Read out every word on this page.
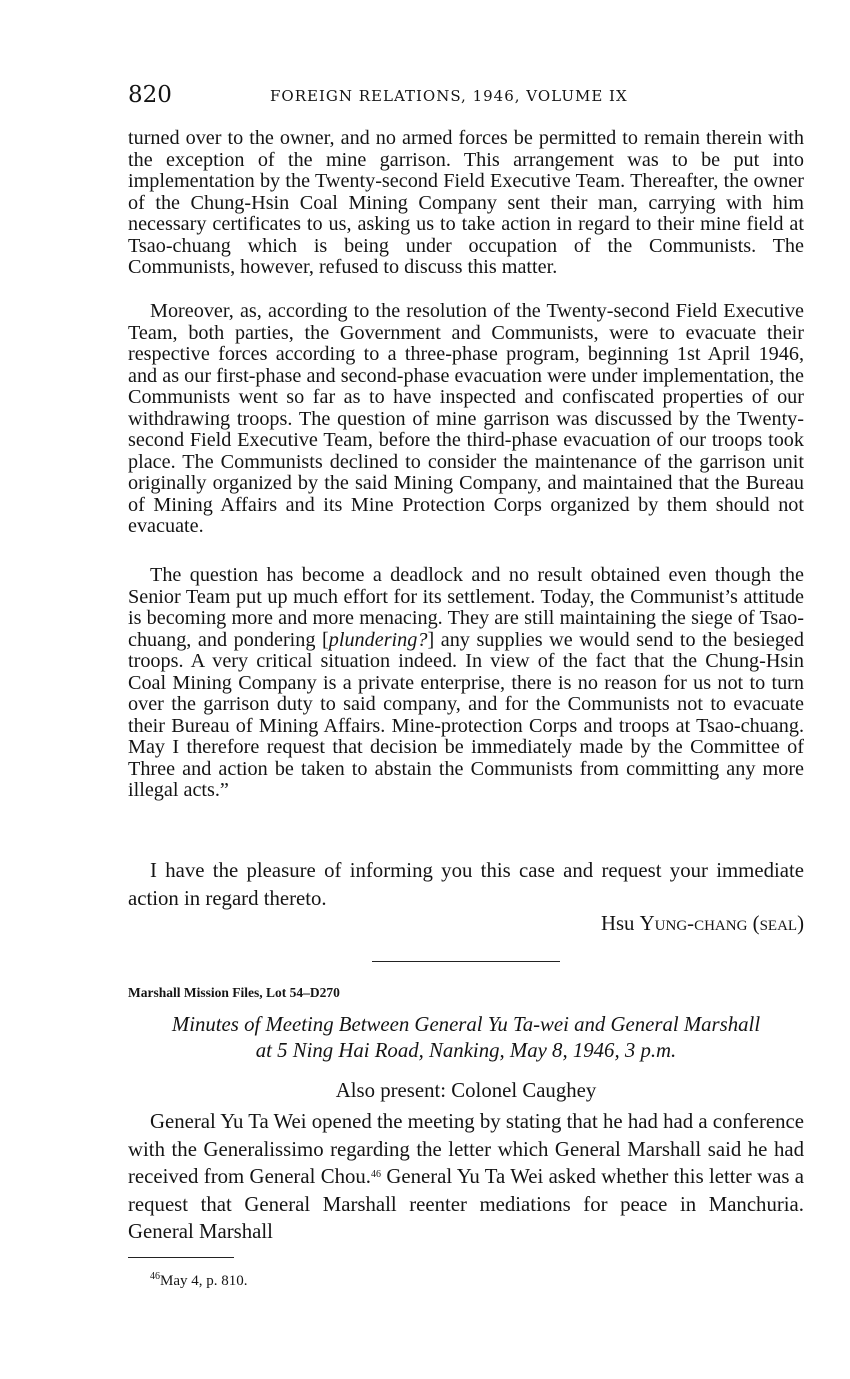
820	FOREIGN RELATIONS, 1946, VOLUME IX

turned over to the owner, and no armed forces be permitted to remain therein with the exception of the mine garrison. This arrangement was to be put into implementation by the Twenty-second Field Executive Team. Thereafter, the owner of the Chung-Hsin Coal Mining Company sent their man, carrying with him necessary certificates to us, asking us to take action in regard to their mine field at Tsao-chuang which is being under occupation of the Communists. The Communists, however, refused to discuss this matter.

Moreover, as, according to the resolution of the Twenty-second Field Executive Team, both parties, the Government and Communists, were to evacuate their respective forces according to a three-phase program, beginning 1st April 1946, and as our first-phase and second-phase evacuation were under implementation, the Communists went so far as to have inspected and confiscated properties of our withdrawing troops. The question of mine garrison was discussed by the Twenty-second Field Executive Team, before the third-phase evacuation of our troops took place. The Communists declined to consider the maintenance of the garrison unit originally organized by the said Mining Company, and maintained that the Bureau of Mining Affairs and its Mine Protection Corps organized by them should not evacuate.

The question has become a deadlock and no result obtained even though the Senior Team put up much effort for its settlement. Today, the Communist’s attitude is becoming more and more menacing. They are still maintaining the siege of Tsao-chuang, and pondering [plundering?] any supplies we would send to the besieged troops. A very critical situation indeed. In view of the fact that the Chung-Hsin Coal Mining Company is a private enterprise, there is no reason for us not to turn over the garrison duty to said company, and for the Communists not to evacuate their Bureau of Mining Affairs. Mine-protection Corps and troops at Tsao-chuang. May I therefore request that decision be immediately made by the Committee of Three and action be taken to abstain the Communists from committing any more illegal acts.”

I have the pleasure of informing you this case and request your immediate action in regard thereto.

Hsu Yung-chang (seal)
Marshall Mission Files, Lot 54–D270
Minutes of Meeting Between General Yu Ta-wei and General Marshall
at 5 Ning Hai Road, Nanking, May 8, 1946, 3 p.m.
Also present: Colonel Caughey

General Yu Ta Wei opened the meeting by stating that he had had a conference with the Generalissimo regarding the letter which General Marshall said he had received from General Chou.$^{46}$ General Yu Ta Wei asked whether this letter was a request that General Marshall reenter mediations for peace in Manchuria. General Marshall

$^{46}$May 4, p. 810.
